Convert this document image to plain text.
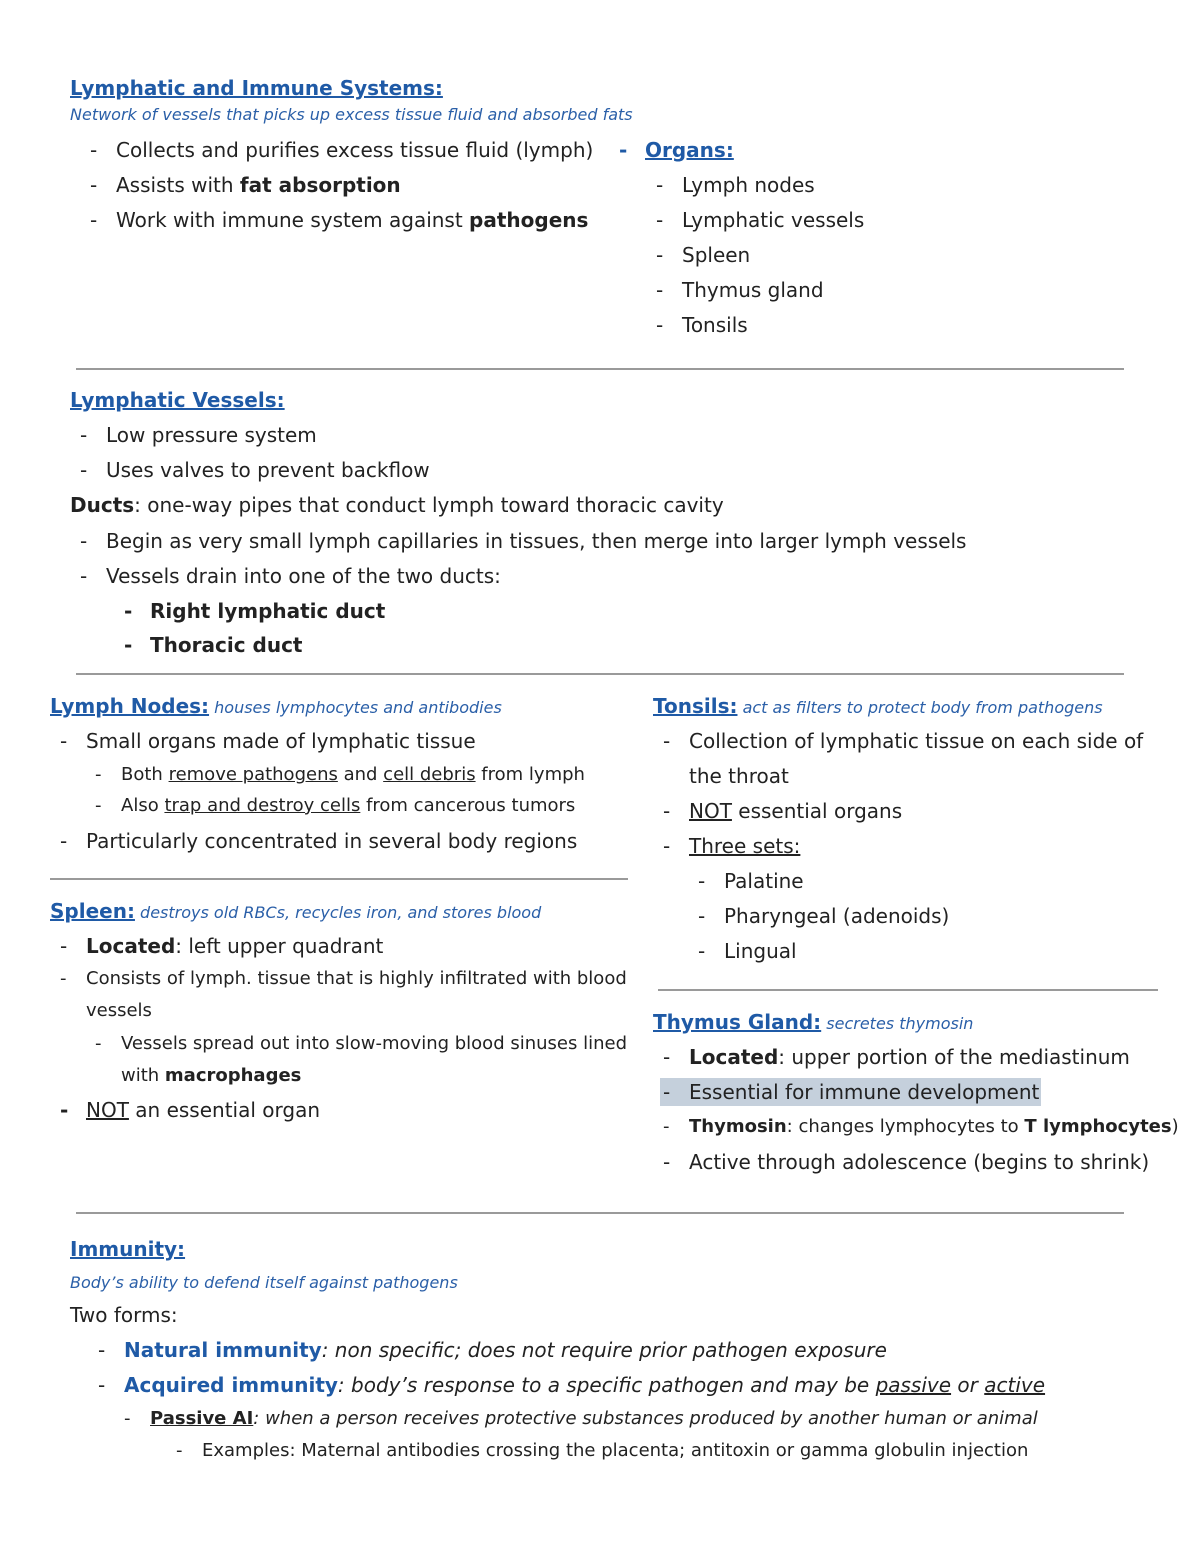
Lymphatic and Immune Systems:
Network of vessels that picks up excess tissue fluid and absorbed fats
- Collects and purifies excess tissue fluid (lymph)
- Assists with fat absorption
- Work with immune system against pathogens
- Organs:
- Lymph nodes
- Lymphatic vessels
- Spleen
- Thymus gland
- Tonsils
Lymphatic Vessels:
- Low pressure system
- Uses valves to prevent backflow
Ducts: one-way pipes that conduct lymph toward thoracic cavity
- Begin as very small lymph capillaries in tissues, then merge into larger lymph vessels
- Vessels drain into one of the two ducts:
- Right lymphatic duct
- Thoracic duct
Lymph Nodes: houses lymphocytes and antibodies
- Small organs made of lymphatic tissue
- Both remove pathogens and cell debris from lymph
- Also trap and destroy cells from cancerous tumors
- Particularly concentrated in several body regions
Spleen: destroys old RBCs, recycles iron, and stores blood
- Located: left upper quadrant
- Consists of lymph. tissue that is highly infiltrated with blood
vessels
- Vessels spread out into slow-moving blood sinuses lined
with macrophages
- NOT an essential organ
Tonsils: act as filters to protect body from pathogens
- Collection of lymphatic tissue on each side of
the throat
- NOT essential organs
- Three sets:
- Palatine
- Pharyngeal (adenoids)
- Lingual
Thymus Gland: secretes thymosin
- Located: upper portion of the mediastinum
- Essential for immune development
- Thymosin: changes lymphocytes to T lymphocytes)
- Active through adolescence (begins to shrink)
Immunity:
Body’s ability to defend itself against pathogens
Two forms:
- Natural immunity: non specific; does not require prior pathogen exposure
- Acquired immunity: body’s response to a specific pathogen and may be passive or active
- Passive AI: when a person receives protective substances produced by another human or animal
- Examples: Maternal antibodies crossing the placenta; antitoxin or gamma globulin injection
